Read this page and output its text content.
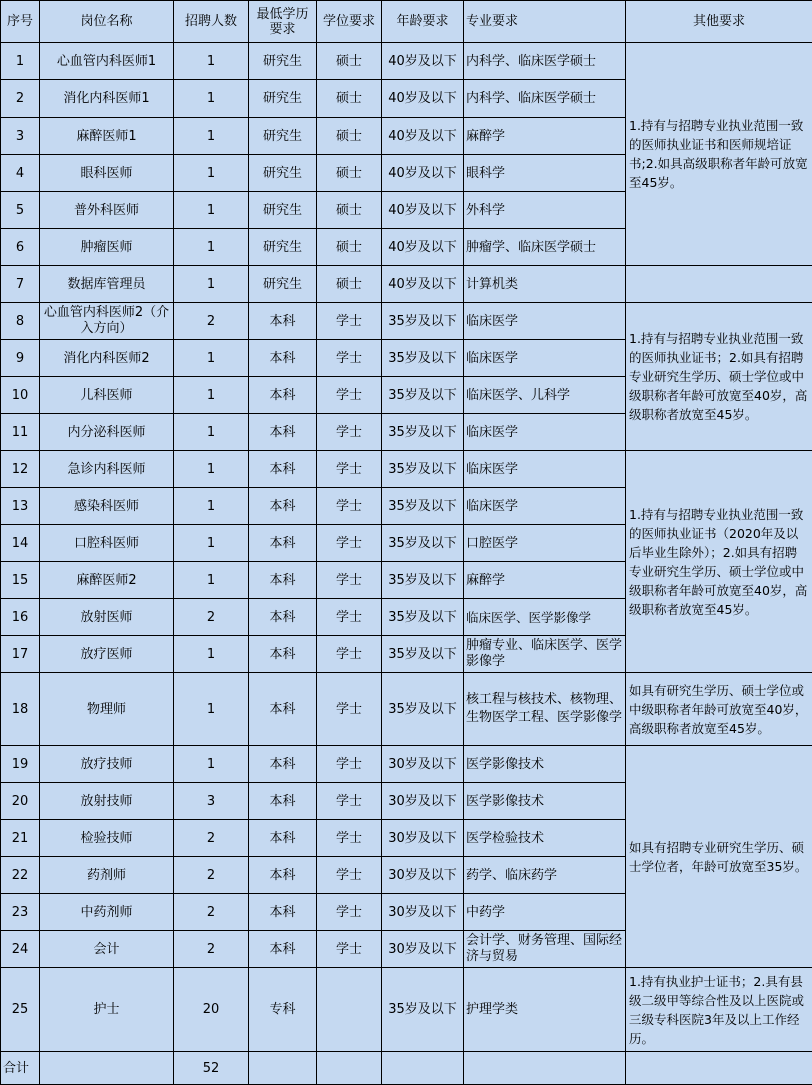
序号	岗位名称	招聘人数	最低学历要求	学位要求	年龄要求	专业要求	其他要求
1	心血管内科医师1	1	研究生	硕士	40岁及以下	内科学、临床医学硕士	1.持有与招聘专业执业范围一致的医师执业证书和医师规培证书;2.如具高级职称者年龄可放宽至45岁。
2	消化内科医师1	1	研究生	硕士	40岁及以下	内科学、临床医学硕士	
3	麻醉医师1	1	研究生	硕士	40岁及以下	麻醉学	
4	眼科医师	1	研究生	硕士	40岁及以下	眼科学	
5	普外科医师	1	研究生	硕士	40岁及以下	外科学	
6	肿瘤医师	1	研究生	硕士	40岁及以下	肿瘤学、临床医学硕士	
7	数据库管理员	1	研究生	硕士	40岁及以下	计算机类	
8	心血管内科医师2（介入方向）	2	本科	学士	35岁及以下	临床医学	1.持有与招聘专业执业范围一致的医师执业证书；2.如具有招聘专业研究生学历、硕士学位或中级职称者年龄可放宽至40岁，高级职称者放宽至45岁。
9	消化内科医师2	1	本科	学士	35岁及以下	临床医学	
10	儿科医师	1	本科	学士	35岁及以下	临床医学、儿科学	
11	内分泌科医师	1	本科	学士	35岁及以下	临床医学	
12	急诊内科医师	1	本科	学士	35岁及以下	临床医学	1.持有与招聘专业执业范围一致的医师执业证书（2020年及以后毕业生除外）；2.如具有招聘专业研究生学历、硕士学位或中级职称者年龄可放宽至40岁，高级职称者放宽至45岁。
13	感染科医师	1	本科	学士	35岁及以下	临床医学	
14	口腔科医师	1	本科	学士	35岁及以下	口腔医学	
15	麻醉医师2	1	本科	学士	35岁及以下	麻醉学	
16	放射医师	2	本科	学士	35岁及以下	临床医学、医学影像学	
17	放疗医师	1	本科	学士	35岁及以下	肿瘤专业、临床医学、医学影像学	
18	物理师	1	本科	学士	35岁及以下	核工程与核技术、核物理、生物医学工程、医学影像学	如具有研究生学历、硕士学位或中级职称者年龄可放宽至40岁，高级职称者放宽至45岁。
19	放疗技师	1	本科	学士	30岁及以下	医学影像技术	如具有招聘专业研究生学历、硕士学位者，年龄可放宽至35岁。
20	放射技师	3	本科	学士	30岁及以下	医学影像技术	
21	检验技师	2	本科	学士	30岁及以下	医学检验技术	
22	药剂师	2	本科	学士	30岁及以下	药学、临床药学	
23	中药剂师	2	本科	学士	30岁及以下	中药学	
24	会计	2	本科	学士	30岁及以下	会计学、财务管理、国际经济与贸易	
25	护士	20	专科		35岁及以下	护理学类	1.持有执业护士证书；2.具有县级二级甲等综合性及以上医院或三级专科医院3年及以上工作经历。
合计		52					
